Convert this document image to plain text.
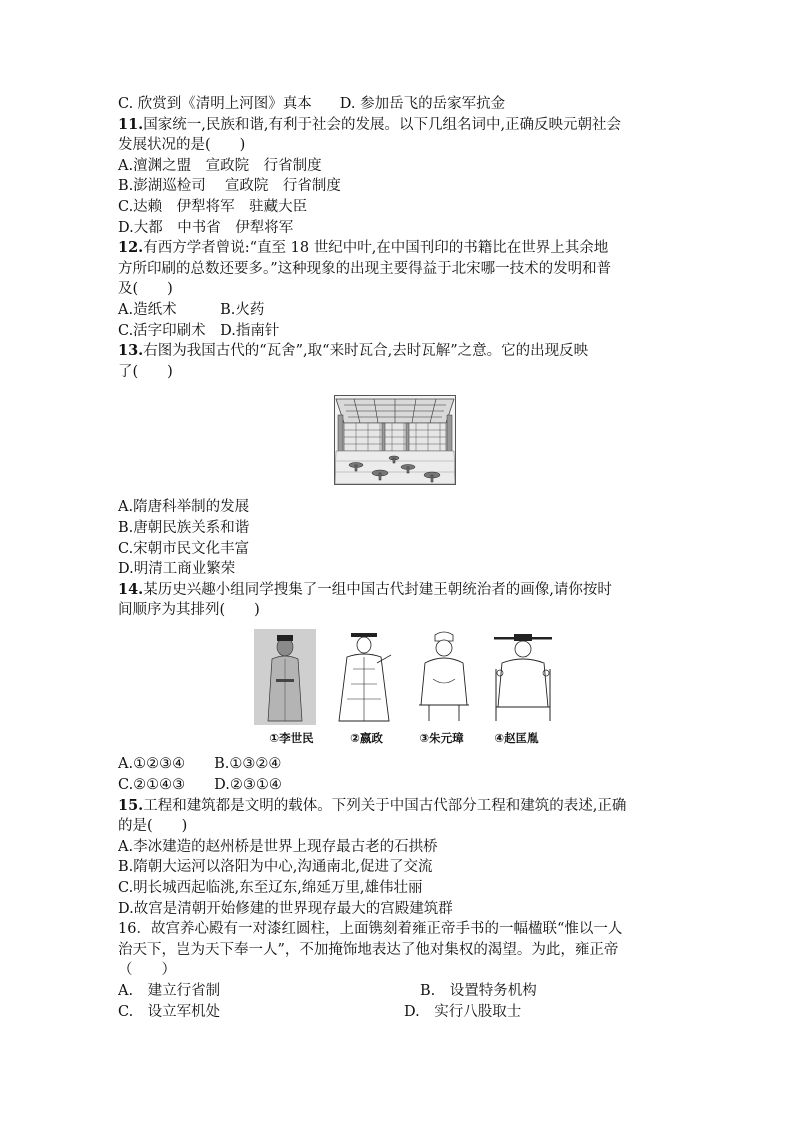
C. 欣赏到《清明上河图》真本 D. 参加岳飞的岳家军抗金
11.国家统一,民族和谐,有利于社会的发展。以下几组名词中,正确反映元朝社会
发展状况的是(　　)
A.澶渊之盟　宣政院　行省制度
B.澎湖巡检司　 宣政院　行省制度
C.达赖　伊犁将军　驻藏大臣
D.大都　中书省　伊犁将军
12.有西方学者曾说:“直至 18 世纪中叶,在中国刊印的书籍比在世界上其余地
方所印刷的总数还要多。”这种现象的出现主要得益于北宋哪一技术的发明和普
及(　　)
A.造纸术　　　B.火药
C.活字印刷术　D.指南针
13.右图为我国古代的“瓦舍”,取“来时瓦合,去时瓦解”之意。它的出现反映
了(　　)
A.隋唐科举制的发展
B.唐朝民族关系和谐
C.宋朝市民文化丰富
D.明清工商业繁荣
14.某历史兴趣小组同学搜集了一组中国古代封建王朝统治者的画像,请你按时
间顺序为其排列(　　)
①李世民	②嬴政	③朱元璋	④赵匡胤
A.①②③④　　B.①③②④
C.②①④③　　D.②③①④
15.工程和建筑都是文明的载体。下列关于中国古代部分工程和建筑的表述,正确
的是(　　)
A.李冰建造的赵州桥是世界上现存最古老的石拱桥
B.隋朝大运河以洛阳为中心,沟通南北,促进了交流
C.明长城西起临洮,东至辽东,绵延万里,雄伟壮丽
D.故宫是清朝开始修建的世界现存最大的宫殿建筑群
16．故宫养心殿有一对漆红圆柱，上面镌刻着雍正帝手书的一幅楹联“惟以一人
治天下，岂为天下奉一人”，不加掩饰地表达了他对集权的渴望。为此，雍正帝
（　　）
A.　建立行省制	B.　设置特务机构
C.　设立军机处	D.　实行八股取士
